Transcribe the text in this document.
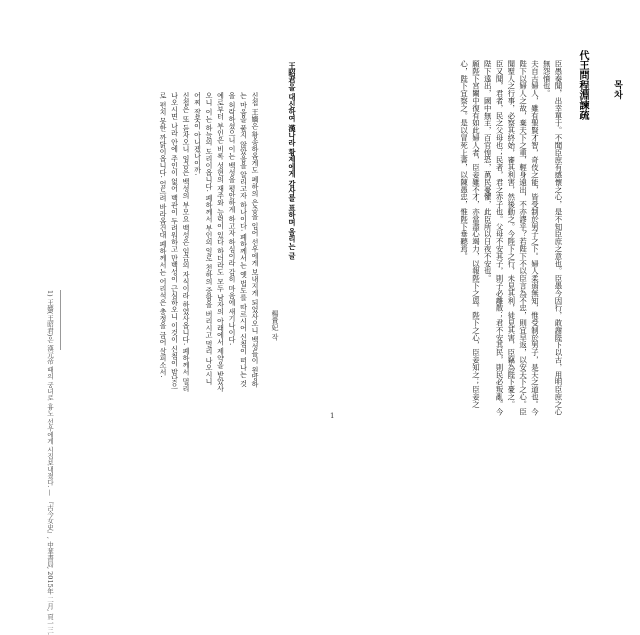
목차
代王問程淵諫疏
臣愚奏聞，出幸單于。不聞臣庶有感懷之心，是不知臣庶之意也。臣愚今因行，敢謝陛下以古，用明臣庶之心無怨憤也。
夫自古婦人，雖有聖賢才智，奇伎之能，皆受制於男子之下。婦人柔弱無知，惟受制於男子，是天之道也。今陛下以婦人之故，棄天下之重，輕身遠出，不亦謬乎？若陛下不以臣言為不忠，則宜早返，以安天下之心。臣聞聖人之行事，必察其終始，審其利害，然後動之。今陛下之行，未見其利，徒見其害，臣竊為陛下憂之。
臣又聞，君者，民之父母也；民者，君之赤子也。父母不安其子，則子必離散；君不安其民，則民必叛亂。今陛下遠出，國中無主，百官惶恐，萬民憂懼，此臣所以日夜不安也。
願陛下宮闈中復有如此婦人者，臣妾雖不才，亦當盡心竭力，以報陛下之恩。陛下之心，臣妾知之；臣妾之心，陛下宜察之。是以冒死上書，以陳愚忠，惟陛下垂聽焉。
王昭君을 대신하여 漢나라 황제에게 감사를 표하며 올리는 글
楊貴妃 작
신첩 王嬙은 황송하옵게도 폐하의 은총을 입어 선우에게 보내지게 되었사오니 백성들이 원망하는 마음을 품지 않았음을 알리고자 하나이다. 폐하께서는 옛 법도를 따르시어 신첩이 떠나는 것을 허락하셨으니 이는 백성을 평안하게 하고자 하심이라 감히 마음에 새기나이다.
예로부터 부인은 비록 성현의 재주와 능력이 있다 하더라도 모두 남자의 아래에서 제약을 받았사오니 이는 하늘의 도리이옵니다. 폐하께서 부인의 일로 천하의 중함을 버리시고 멀리 나오시니 어찌 잘못이 아니겠나이까.
신첩은 또 듣자오니 임금은 백성의 부모요 백성은 임금의 자식이라 하였사옵니다. 폐하께서 멀리 나오시면 나라 안에 주인이 없어 백관이 두려워하고 만백성이 근심하오니 이것이 신첩이 밤낮으로 편치 못한 까닭이옵니다. 엎드려 바라옵건대 폐하께서는 어리석은 충정을 굽어 살피소서.
1) 王嬙(王昭君)은 漢元帝 때의 궁녀로 흉노 선우에게 시집보내졌다. — 『古今女史』, 中華書局, 2015年 二月, 頁一三.	1
